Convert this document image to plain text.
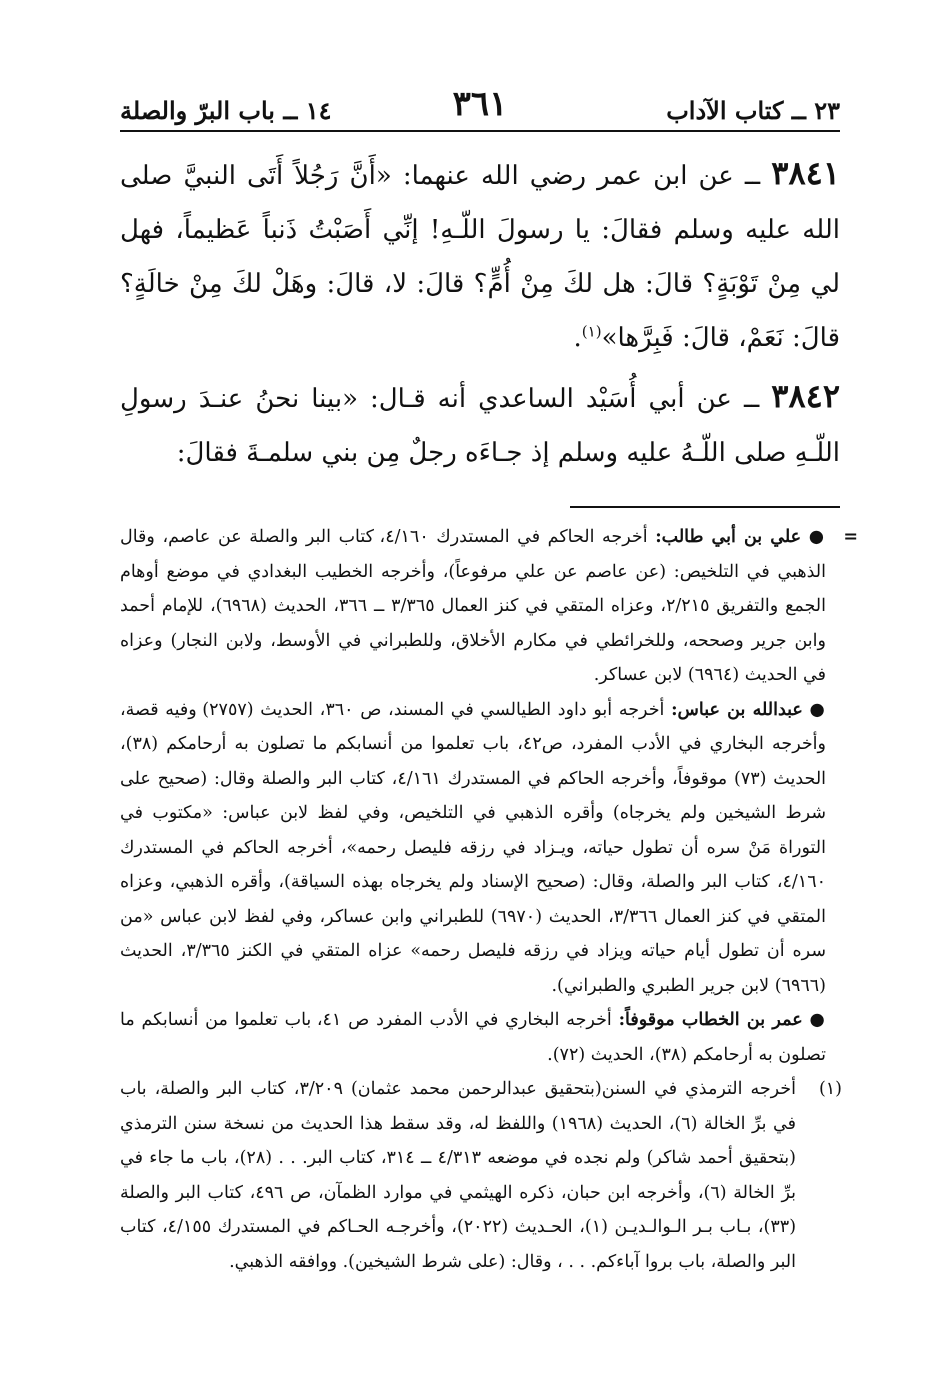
٢٣ ــ كتاب الآداب
٣٦١
١٤ ــ باب البرّ والصلة

٣٨٤١ ــ عن ابن عمر رضي الله عنهما: «أَنَّ رَجُلاً أَتَى النبيَّ صلى الله عليه وسلم فقالَ: يا رسولَ اللّـهِ! إنِّي أَصَبْتُ ذَنباً عَظيماً، فهل لي مِنْ تَوْبَةٍ؟ قالَ: هل لكَ مِنْ أُمٍّ؟ قالَ: لا، قالَ: وهَلْ لكَ مِنْ خالَةٍ؟ قالَ: نَعَمْ، قالَ: فَبِرَّها»$^{(١)}$.

٣٨٤٢ ــ عن أبي أُسَيْد الساعدي أنه قـال: «بينا نحنُ عنـدَ رسولِ اللّـهِ صلى اللّـهُ عليه وسلم إذ جـاءَه رجلٌ مِن بني سلمـةَ فقالَ:

=
● علي بن أبي طالب: أخرجه الحاكم في المستدرك ٤/١٦٠، كتاب البر والصلة عن عاصم، وقال الذهبي في التلخيص: (عن عاصم عن علي مرفوعاً)، وأخرجه الخطيب البغدادي في موضع أوهام الجمع والتفريق ٢/٢١٥، وعزاه المتقي في كنز العمال ٣/٣٦٥ ــ ٣٦٦، الحديث (٦٩٦٨)، للإمام أحمد وابن جرير وصححه، وللخرائطي في مكارم الأخلاق، وللطبراني في الأوسط، ولابن النجار) وعزاه في الحديث (٦٩٦٤) لابن عساكر.

● عبدالله بن عباس: أخرجه أبو داود الطيالسي في المسند، ص ٣٦٠، الحديث (٢٧٥٧) وفيه قصة، وأخرجه البخاري في الأدب المفرد، ص٤٢، باب تعلموا من أنسابكم ما تصلون به أرحامكم (٣٨)، الحديث (٧٣) موقوفاً، وأخرجه الحاكم في المستدرك ٤/١٦١، كتاب البر والصلة وقال: (صحيح على شرط الشيخين ولم يخرجاه) وأقره الذهبي في التلخيص، وفي لفظ لابن عباس: «مكتوب في التوراة مَنْ سره أن تطول حياته، ويـزاد في رزقه فليصل رحمه»، أخرجه الحاكم في المستدرك ٤/١٦٠، كتاب البر والصلة، وقال: (صحيح الإسناد ولم يخرجاه بهذه السياقة)، وأقره الذهبي، وعزاه المتقي في كنز العمال ٣/٣٦٦، الحديث (٦٩٧٠) للطبراني وابن عساكر، وفي لفظ لابن عباس «من سره أن تطول أيام حياته ويزاد في رزقه فليصل رحمه» عزاه المتقي في الكنز ٣/٣٦٥، الحديث (٦٩٦٦) لابن جرير الطبري والطبراني).

● عمر بن الخطاب موقوفاً: أخرجه البخاري في الأدب المفرد ص ٤١، باب تعلموا من أنسابكم ما تصلون به أرحامكم (٣٨)، الحديث (٧٢).

(١)
أخرجه الترمذي في السنن(بتحقيق عبدالرحمن محمد عثمان) ٣/٢٠٩، كتاب البر والصلة، باب في برِّ الخالة (٦)، الحديث (١٩٦٨) واللفظ له، وقد سقط هذا الحديث من نسخة سنن الترمذي (بتحقيق أحمد شاكر) ولم نجده في موضعه ٤/٣١٣ ــ ٣١٤، كتاب البر. . . (٢٨)، باب ما جاء في برِّ الخالة (٦)، وأخرجه ابن حبان، ذكره الهيثمي في موارد الظمآن، ص ٤٩٦، كتاب البر والصلة (٣٣)، بـاب بـر الـوالـديـن (١)، الحـديث (٢٠٢٢)، وأخرجـه الحـاكم في المستدرك ٤/١٥٥، كتاب البر والصلة، باب بروا آباءكم. . . ، وقال: (على شرط الشيخين). ووافقه الذهبي.
